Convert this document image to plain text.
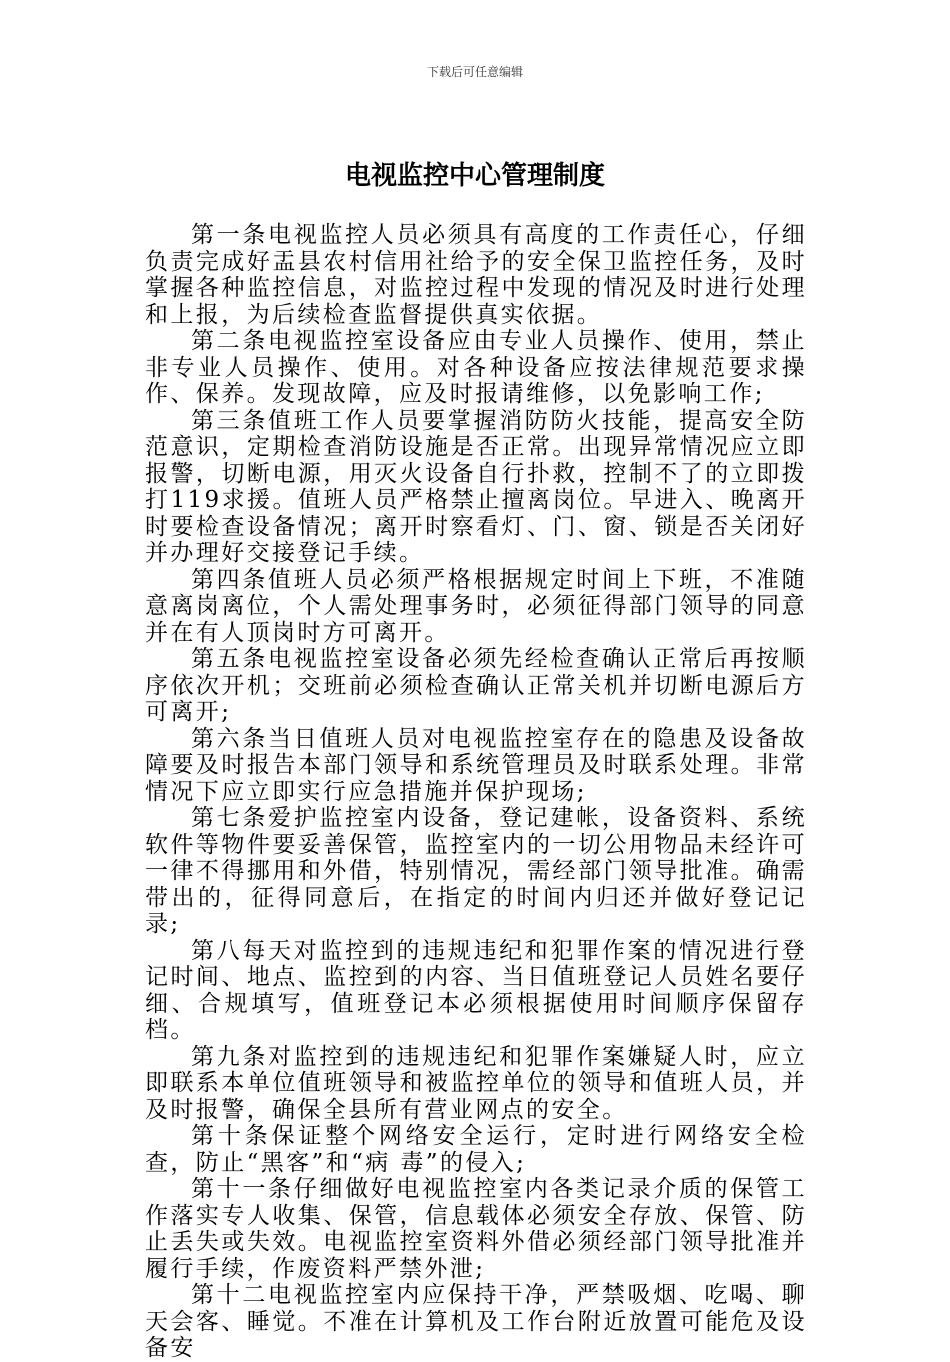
下载后可任意编辑
电视监控中心管理制度

第一条电视监控人员必须具有高度的工作责任心，仔细负责完成好盂县农村信用社给予的安全保卫监控任务，及时掌握各种监控信息，对监控过程中发现的情况及时进行处理和上报，为后续检查监督提供真实依据。

第二条电视监控室设备应由专业人员操作、使用，禁止非专业人员操作、使用。对各种设备应按法律规范要求操作、保养。发现故障，应及时报请维修，以免影响工作;

第三条值班工作人员要掌握消防防火技能，提高安全防范意识，定期检查消防设施是否正常。出现异常情况应立即报警，切断电源，用灭火设备自行扑救，控制不了的立即拨打119求援。值班人员严格禁止擅离岗位。早进入、晚离开时要检查设备情况；离开时察看灯、门、窗、锁是否关闭好并办理好交接登记手续。

第四条值班人员必须严格根据规定时间上下班，不准随意离岗离位，个人需处理事务时，必须征得部门领导的同意并在有人顶岗时方可离开。

第五条电视监控室设备必须先经检查确认正常后再按顺序依次开机；交班前必须检查确认正常关机并切断电源后方可离开;

第六条当日值班人员对电视监控室存在的隐患及设备故障要及时报告本部门领导和系统管理员及时联系处理。非常情况下应立即实行应急措施并保护现场;

第七条爱护监控室内设备，登记建帐，设备资料、系统软件等物件要妥善保管，监控室内的一切公用物品未经许可一律不得挪用和外借，特别情况，需经部门领导批准。确需带出的，征得同意后，在指定的时间内归还并做好登记记录;

第八每天对监控到的违规违纪和犯罪作案的情况进行登记时间、地点、监控到的内容、当日值班登记人员姓名要仔细、合规填写，值班登记本必须根据使用时间顺序保留存档。

第九条对监控到的违规违纪和犯罪作案嫌疑人时，应立即联系本单位值班领导和被监控单位的领导和值班人员，并及时报警，确保全县所有营业网点的安全。

第十条保证整个网络安全运行，定时进行网络安全检查，防止“黑客”和“病 毒”的侵入;

第十一条仔细做好电视监控室内各类记录介质的保管工作落实专人收集、保管，信息载体必须安全存放、保管、防止丢失或失效。电视监控室资料外借必须经部门领导批准并履行手续，作废资料严禁外泄;

第十二电视监控室内应保持干净，严禁吸烟、吃喝、聊天会客、睡觉。不准在计算机及工作台附近放置可能危及设备安
